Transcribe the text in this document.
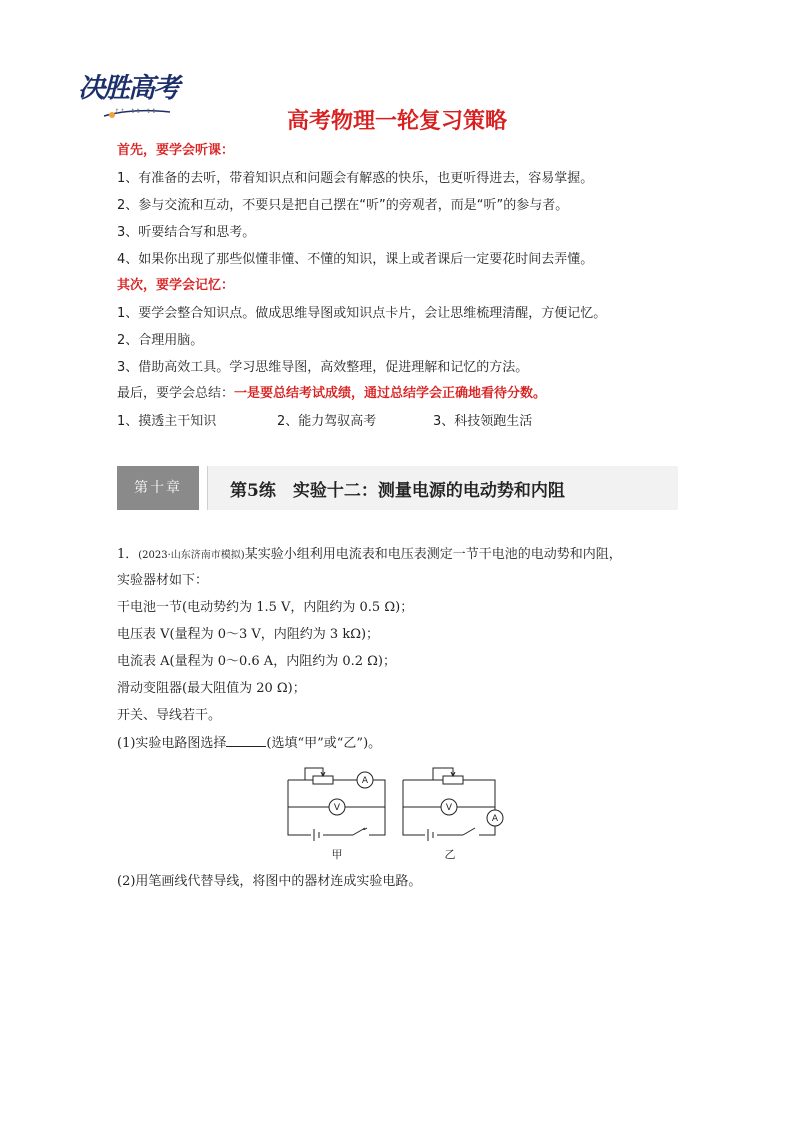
决胜高考
tt tt tt	高考物理一轮复习策略
首先，要学会听课：
1、有准备的去听，带着知识点和问题会有解惑的快乐，也更听得进去，容易掌握。
2、参与交流和互动，不要只是把自己摆在“听”的旁观者，而是“听”的参与者。
3、听要结合写和思考。
4、如果你出现了那些似懂非懂、不懂的知识，课上或者课后一定要花时间去弄懂。
其次，要学会记忆：
1、要学会整合知识点。做成思维导图或知识点卡片，会让思维梳理清醒，方便记忆。
2、合理用脑。
3、借助高效工具。学习思维导图，高效整理，促进理解和记忆的方法。
最后，要学会总结：一是要总结考试成绩，通过总结学会正确地看待分数。
1、摸透主干知识	2、能力驾驭高考	3、科技领跑生活
第十章	第5练　实验十二：测量电源的电动势和内阻
1．(2023·山东济南市模拟)某实验小组利用电流表和电压表测定一节干电池的电动势和内阻，
实验器材如下：
干电池一节(电动势约为 1.5 V，内阻约为 0.5 Ω)；
电压表 V(量程为 0～3 V，内阻约为 3 kΩ)；
电流表 A(量程为 0～0.6 A，内阻约为 0.2 Ω)；
滑动变阻器(最大阻值为 20 Ω)；
开关、导线若干。
(1)实验电路图选择	(选填“甲”或“乙”)。
A
V	V
A
甲	乙
(2)用笔画线代替导线，将图中的器材连成实验电路。
